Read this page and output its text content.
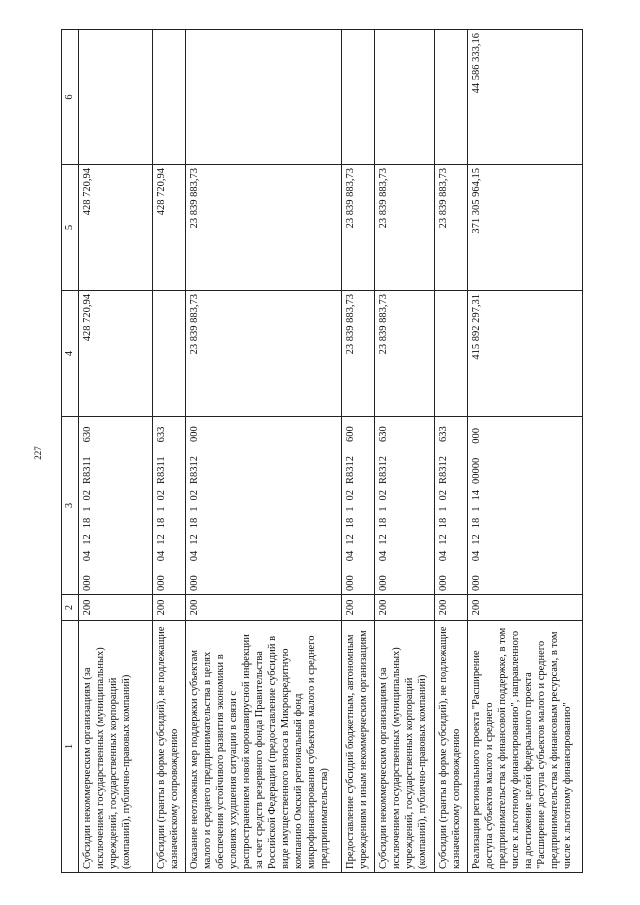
227
1	2	3	4	5	6
Субсидии некоммерческим организациям (за исключением государственных (муниципальных) учреждений, государственных корпораций (компаний), публично-правовых компаний)	200	000041218102R8311630	428 720,94	428 720,94	
Субсидии (гранты в форме субсидий), не подлежащие казначейскому сопровождению	200	000041218102R8311633		428 720,94	
Оказание неотложных мер поддержки субъектам малого и среднего предпринимательства в целях обеспечения устойчивого развития экономики в условиях ухудшения ситуации в связи с распространением новой коронавирусной инфекции за счет средств резервного фонда Правительства Российской Федерации (предоставление субсидий в виде имущественного взноса в Микрокредитную компанию Омский региональный фонд микрофинансирования субъектов малого и среднего предпринимательства)	200	000041218102R8312000	23 839 883,73	23 839 883,73	
Предоставление субсидий бюджетным, автономным учреждениям и иным некоммерческим организациям	200	000041218102R8312600	23 839 883,73	23 839 883,73	
Субсидии некоммерческим организациям (за исключением государственных (муниципальных) учреждений, государственных корпораций (компаний), публично-правовых компаний)	200	000041218102R8312630	23 839 883,73	23 839 883,73	
Субсидии (гранты в форме субсидий), не подлежащие казначейскому сопровождению	200	000041218102R8312633		23 839 883,73	
Реализация регионального проекта "Расширение доступа субъектов малого и среднего предпринимательства к финансовой поддержке, в том числе к льготному финансированию", направленного на достижение целей федерального проекта "Расширение доступа субъектов малого и среднего предпринимательства к финансовым ресурсам, в том числе к льготному финансированию"	200	00004121811400000000	415 892 297,31	371 305 964,15	44 586 333,16
